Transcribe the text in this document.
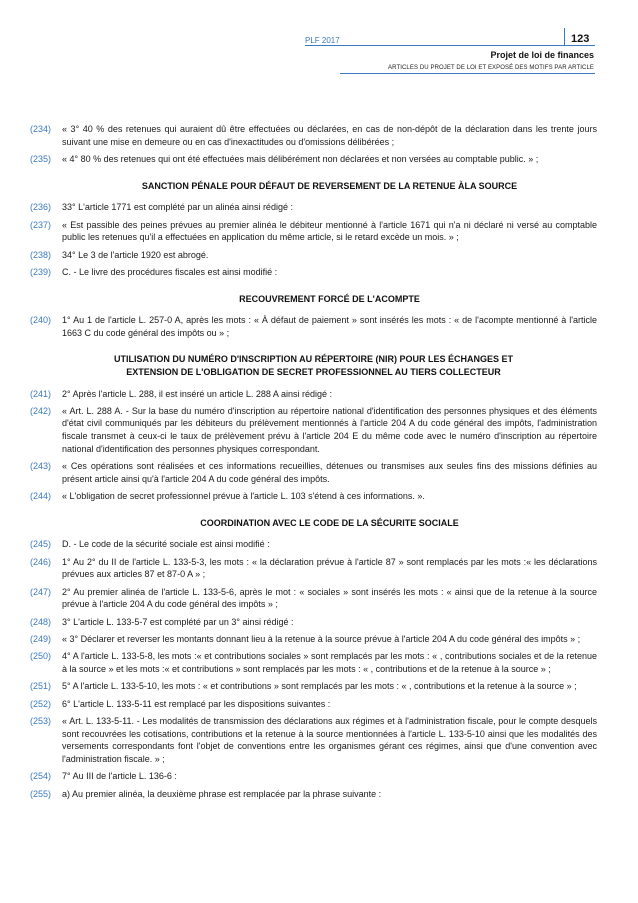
PLF 2017	123
Projet de loi de finances
ARTICLES DU PROJET DE LOI ET EXPOSÉ DES MOTIFS PAR ARTICLE
(234)	« 3° 40 % des retenues qui auraient dû être effectuées ou déclarées, en cas de non-dépôt de la déclaration dans les trente jours suivant une mise en demeure ou en cas d'inexactitudes ou d'omissions délibérées ;
(235)	« 4° 80 % des retenues qui ont été effectuées mais délibérément non déclarées et non versées au comptable public. » ;
SANCTION PÉNALE POUR DÉFAUT DE REVERSEMENT DE LA RETENUE ÀLA SOURCE
(236)	33° L'article 1771 est complété par un alinéa ainsi rédigé :
(237)	« Est passible des peines prévues au premier alinéa le débiteur mentionné à l'article 1671 qui n'a ni déclaré ni versé au comptable public les retenues qu'il a effectuées en application du même article, si le retard excède un mois. » ;
(238)	34° Le 3 de l'article 1920 est abrogé.
(239)	C. - Le livre des procédures fiscales est ainsi modifié :
RECOUVREMENT FORCÉ DE L'ACOMPTE
(240)	1° Au 1 de l'article L. 257-0 A, après les mots : « À défaut de paiement » sont insérés les mots : « de l'acompte mentionné à l'article 1663 C du code général des impôts ou » ;
UTILISATION DU NUMÉRO D'INSCRIPTION AU RÉPERTOIRE (NIR) POUR LES ÉCHANGES ET EXTENSION DE L'OBLIGATION DE SECRET PROFESSIONNEL AU TIERS COLLECTEUR
(241)	2° Après l'article L. 288, il est inséré un article L. 288 A ainsi rédigé :
(242)	« Art. L. 288 A. - Sur la base du numéro d'inscription au répertoire national d'identification des personnes physiques et des éléments d'état civil communiqués par les débiteurs du prélèvement mentionnés à l'article 204 A du code général des impôts, l'administration fiscale transmet à ceux-ci le taux de prélèvement prévu à l'article 204 E du même code avec le numéro d'inscription au répertoire national d'identification des personnes physiques correspondant.
(243)	« Ces opérations sont réalisées et ces informations recueillies, détenues ou transmises aux seules fins des missions définies au présent article ainsi qu'à l'article 204 A du code général des impôts.
(244)	« L'obligation de secret professionnel prévue à l'article L. 103 s'étend à ces informations. ».
COORDINATION AVEC LE CODE DE LA SÉCURITE SOCIALE
(245)	D. - Le code de la sécurité sociale est ainsi modifié :
(246)	1° Au 2° du II de l'article L. 133-5-3, les mots : « la déclaration prévue à l'article 87 » sont remplacés par les mots :« les déclarations prévues aux articles 87 et 87-0 A » ;
(247)	2° Au premier alinéa de l'article L. 133-5-6, après le mot : « sociales » sont insérés les mots : « ainsi que de la retenue à la source prévue à l'article 204 A du code général des impôts » ;
(248)	3° L'article L. 133-5-7 est complété par un 3° ainsi rédigé :
(249)	« 3° Déclarer et reverser les montants donnant lieu à la retenue à la source prévue à l'article 204 A du code général des impôts » ;
(250)	4° A l'article L. 133-5-8, les mots :« et contributions sociales » sont remplacés par les mots : « , contributions sociales et de la retenue à la source » et les mots :« et contributions » sont remplacés par les mots : « , contributions et de la retenue à la source » ;
(251)	5° A l'article L. 133-5-10, les mots : « et contributions » sont remplacés par les mots : « , contributions et la retenue à la source » ;
(252)	6° L'article L. 133-5-11 est remplacé par les dispositions suivantes :
(253)	« Art. L. 133-5-11. - Les modalités de transmission des déclarations aux régimes et à l'administration fiscale, pour le compte desquels sont recouvrées les cotisations, contributions et la retenue à la source mentionnées à l'article L. 133-5-10 ainsi que les modalités des versements correspondants font l'objet de conventions entre les organismes gérant ces régimes, ainsi que d'une convention avec l'administration fiscale. » ;
(254)	7° Au III de l'article L. 136-6 :
(255)	a) Au premier alinéa, la deuxième phrase est remplacée par la phrase suivante :
